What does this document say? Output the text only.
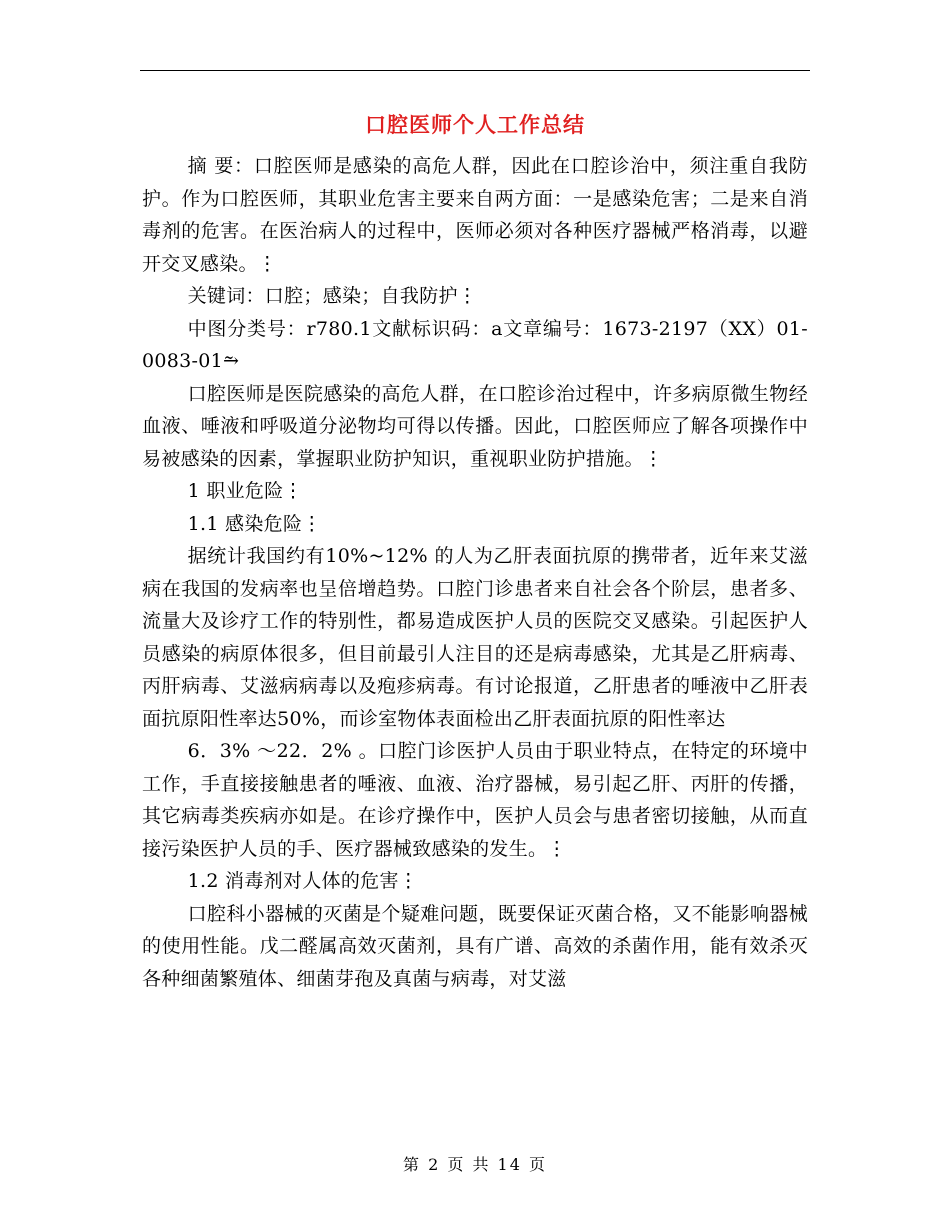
口腔医师个人工作总结

摘 要：口腔医师是感染的高危人群，因此在口腔诊治中，须注重自我防护。作为口腔医师，其职业危害主要来自两方面：一是感染危害；二是来自消毒剂的危害。在医治病人的过程中，医师必须对各种医疗器械严格消毒，以避开交叉感染。⋮

关键词：口腔；感染；自我防护⋮

中图分类号：r780.1文献标识码：a文章编号：1673-2197（XX）01-0083-01⥲

口腔医师是医院感染的高危人群，在口腔诊治过程中，许多病原微生物经血液、唾液和呼吸道分泌物均可得以传播。因此，口腔医师应了解各项操作中易被感染的因素，掌握职业防护知识，重视职业防护措施。⋮

1 职业危险⋮

1.1 感染危险⋮

据统计我国约有10%~12% 的人为乙肝表面抗原的携带者，近年来艾滋病在我国的发病率也呈倍增趋势。口腔门诊患者来自社会各个阶层，患者多、流量大及诊疗工作的特别性，都易造成医护人员的医院交叉感染。引起医护人员感染的病原体很多，但目前最引人注目的还是病毒感染，尤其是乙肝病毒、丙肝病毒、艾滋病病毒以及疱疹病毒。有讨论报道，乙肝患者的唾液中乙肝表面抗原阳性率达50%，而诊室物体表面检出乙肝表面抗原的阳性率达

6．3% ～22．2% 。口腔门诊医护人员由于职业特点，在特定的环境中工作，手直接接触患者的唾液、血液、治疗器械，易引起乙肝、丙肝的传播，其它病毒类疾病亦如是。在诊疗操作中，医护人员会与患者密切接触，从而直接污染医护人员的手、医疗器械致感染的发生。⋮

1.2 消毒剂对人体的危害⋮

口腔科小器械的灭菌是个疑难问题，既要保证灭菌合格，又不能影响器械的使用性能。戊二醛属高效灭菌剂，具有广谱、高效的杀菌作用，能有效杀灭各种细菌繁殖体、细菌芽孢及真菌与病毒，对艾滋

第 2 页 共 14 页
